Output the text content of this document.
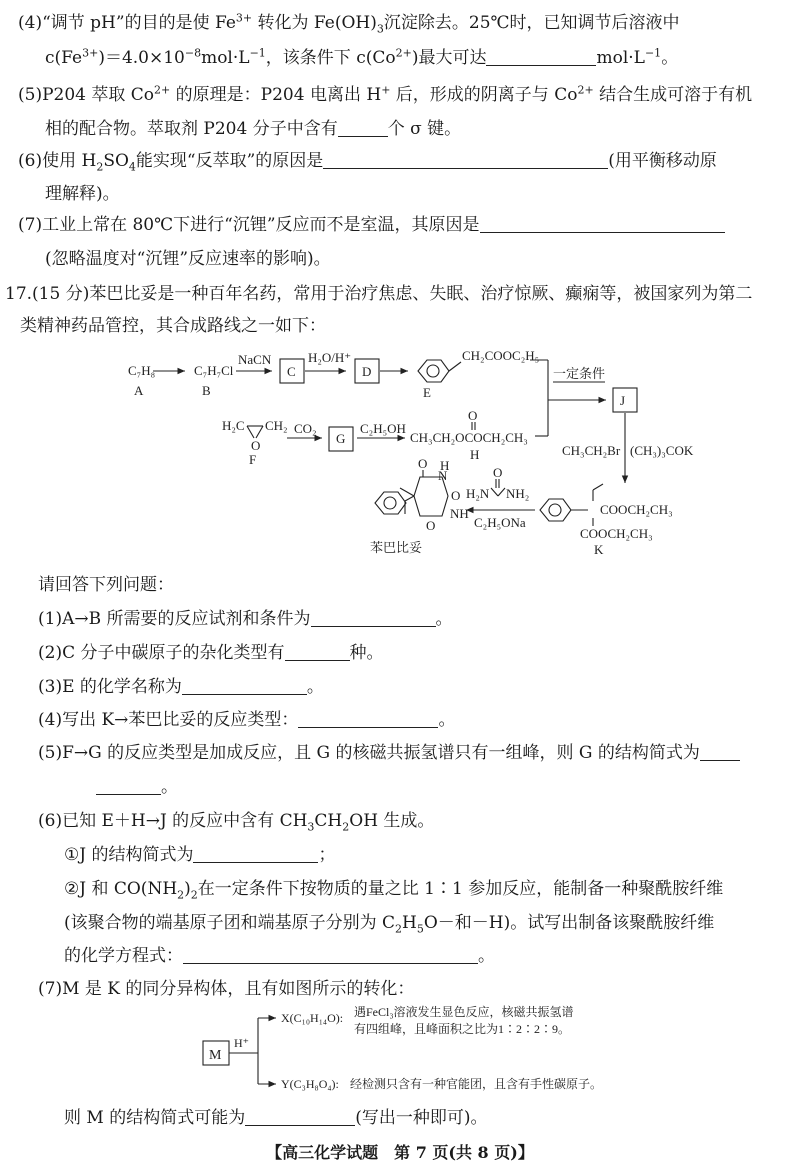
(4)“调节 pH”的目的是使 $Fe^{3+}$ 转化为 $Fe(OH)_3$沉淀除去。25℃时，已知调节后溶液中
$c(Fe^{3+})=4.0\times 10^{-8}mol\cdot L^{-1}$，该条件下 $c(Co^{2+})$最大可达	$mol\cdot L^{-1}$。
(5)P204 萃取 $Co^{2+}$ 的原理是：P204 电离出 H+ 后，形成的阴离子与 $Co^{2+}$ 结合生成可溶于有机
相的配合物。萃取剂 P204 分子中含有	个 σ 键。
(6)使用 $H_2SO_4$能实现“反萃取”的原因是	(用平衡移动原
理解释)。
(7)工业上常在 80℃下进行“沉锂”反应而不是室温，其原因是
(忽略温度对“沉锂”反应速率的影响)。
17.(15 分)苯巴比妥是一种百年名药，常用于治疗焦虑、失眠、治疗惊厥、癫痫等，被国家列为第二
类精神药品管控，其合成路线之一如下：
C₇H₈
A
C₇H₇Cl
B
NaCN
C
H₂O/H⁺
D
CH₂COOC₂H₅
E
一定条件
J
H₂C CH₂
O
F
CO₂
G
C₂H₅OH
O
CH₃CH₂OCOCH₂CH₃
H	CH₃CH₂Br (CH₃)₃COK
COOCH₂CH₃
COOCH₂CH₃
K
O
H₂N NH₂
C₂H₅ONa
H
N
NH
O
O
O
苯巴比妥
请回答下列问题：
(1)A→B 所需要的反应试剂和条件为	。
(2)C 分子中碳原子的杂化类型有	种。
(3)E 的化学名称为	。
(4)写出 K→苯巴比妥的反应类型：	。
(5)F→G 的反应类型是加成反应，且 G 的核磁共振氢谱只有一组峰，则 G 的结构简式为
。
(6)已知 E＋H→J 的反应中含有 $CH_3CH_2OH$ 生成。
①J 的结构简式为	；
②J 和 $CO(NH_2)_2$在一定条件下按物质的量之比 1∶1 参加反应，能制备一种聚酰胺纤维
(该聚合物的端基原子团和端基原子分别为 $C_2H_5O-$和－H)。试写出制备该聚酰胺纤维
的化学方程式：	。
(7)M 是 K 的同分异构体，且有如图所示的转化：
M
H⁺
X(C₁₀H₁₄O): 遇FeCl₃溶液发生显色反应，核磁共振氢谱
有四组峰，且峰面积之比为1∶2∶2∶9。
Y(C₃H₈O₄): 经检测只含有一种官能团，且含有手性碳原子。
则 M 的结构简式可能为	(写出一种即可)。
【高三化学试题　第 7 页(共 8 页)】
